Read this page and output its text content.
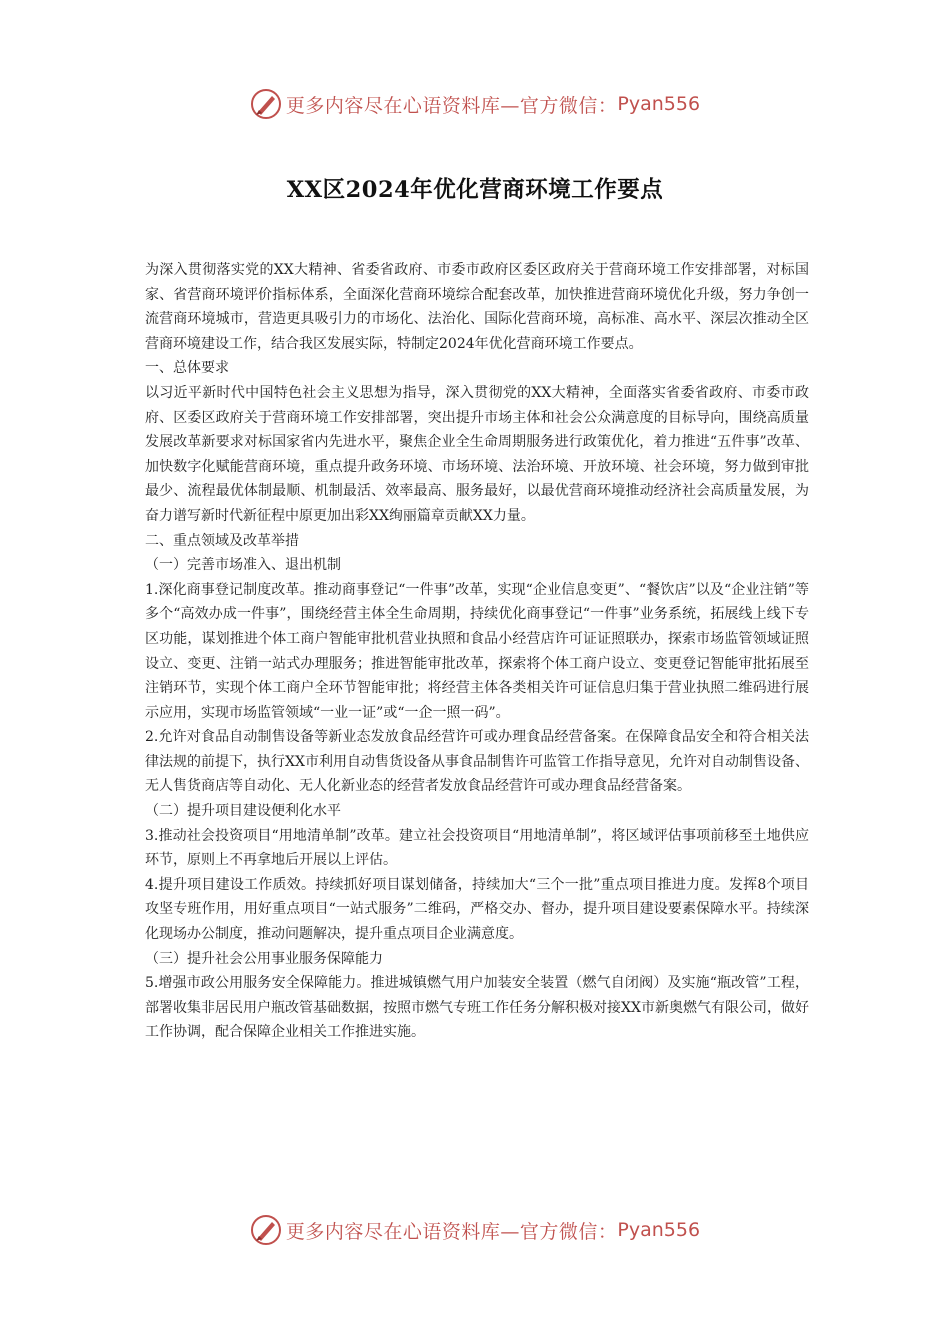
更多内容尽在心语资料库—官方微信： Pyan556
XX区2024年优化营商环境工作要点

为深入贯彻落实党的XX大精神、省委省政府、市委市政府区委区政府关于营商环境工作安排部署，对标国家、省营商环境评价指标体系，全面深化营商环境综合配套改革，加快推进营商环境优化升级，努力争创一流营商环境城市，营造更具吸引力的市场化、法治化、国际化营商环境，高标准、高水平、深层次推动全区营商环境建设工作，结合我区发展实际，特制定2024年优化营商环境工作要点。

一、总体要求

以习近平新时代中国特色社会主义思想为指导，深入贯彻党的XX大精神，全面落实省委省政府、市委市政府、区委区政府关于营商环境工作安排部署，突出提升市场主体和社会公众满意度的目标导向，围绕高质量发展改革新要求对标国家省内先进水平，聚焦企业全生命周期服务进行政策优化，着力推进“五件事”改革、加快数字化赋能营商环境，重点提升政务环境、市场环境、法治环境、开放环境、社会环境，努力做到审批最少、流程最优体制最顺、机制最活、效率最高、服务最好，以最优营商环境推动经济社会高质量发展，为奋力谱写新时代新征程中原更加出彩XX绚丽篇章贡献XX力量。

二、重点领域及改革举措

（一）完善市场准入、退出机制

1.深化商事登记制度改革。推动商事登记“一件事”改革，实现“企业信息变更”、“餐饮店”以及“企业注销”等多个“高效办成一件事”，围绕经营主体全生命周期，持续优化商事登记“一件事”业务系统，拓展线上线下专区功能，谋划推进个体工商户智能审批机营业执照和食品小经营店许可证证照联办，探索市场监管领域证照设立、变更、注销一站式办理服务；推进智能审批改革，探索将个体工商户设立、变更登记智能审批拓展至注销环节，实现个体工商户全环节智能审批；将经营主体各类相关许可证信息归集于营业执照二维码进行展示应用，实现市场监管领域“一业一证”或“一企一照一码”。

2.允许对食品自动制售设备等新业态发放食品经营许可或办理食品经营备案。在保障食品安全和符合相关法律法规的前提下，执行XX市利用自动售货设备从事食品制售许可监管工作指导意见，允许对自动制售设备、无人售货商店等自动化、无人化新业态的经营者发放食品经营许可或办理食品经营备案。

（二）提升项目建设便利化水平

3.推动社会投资项目“用地清单制”改革。建立社会投资项目“用地清单制”，将区域评估事项前移至土地供应环节，原则上不再拿地后开展以上评估。

4.提升项目建设工作质效。持续抓好项目谋划储备，持续加大“三个一批”重点项目推进力度。发挥8个项目攻坚专班作用，用好重点项目“一站式服务”二维码，严格交办、督办，提升项目建设要素保障水平。持续深化现场办公制度，推动问题解决，提升重点项目企业满意度。

（三）提升社会公用事业服务保障能力

5.增强市政公用服务安全保障能力。推进城镇燃气用户加装安全装置（燃气自闭阀）及实施“瓶改管”工程，部署收集非居民用户瓶改管基础数据，按照市燃气专班工作任务分解积极对接XX市新奥燃气有限公司，做好工作协调，配合保障企业相关工作推进实施。

更多内容尽在心语资料库—官方微信： Pyan556
